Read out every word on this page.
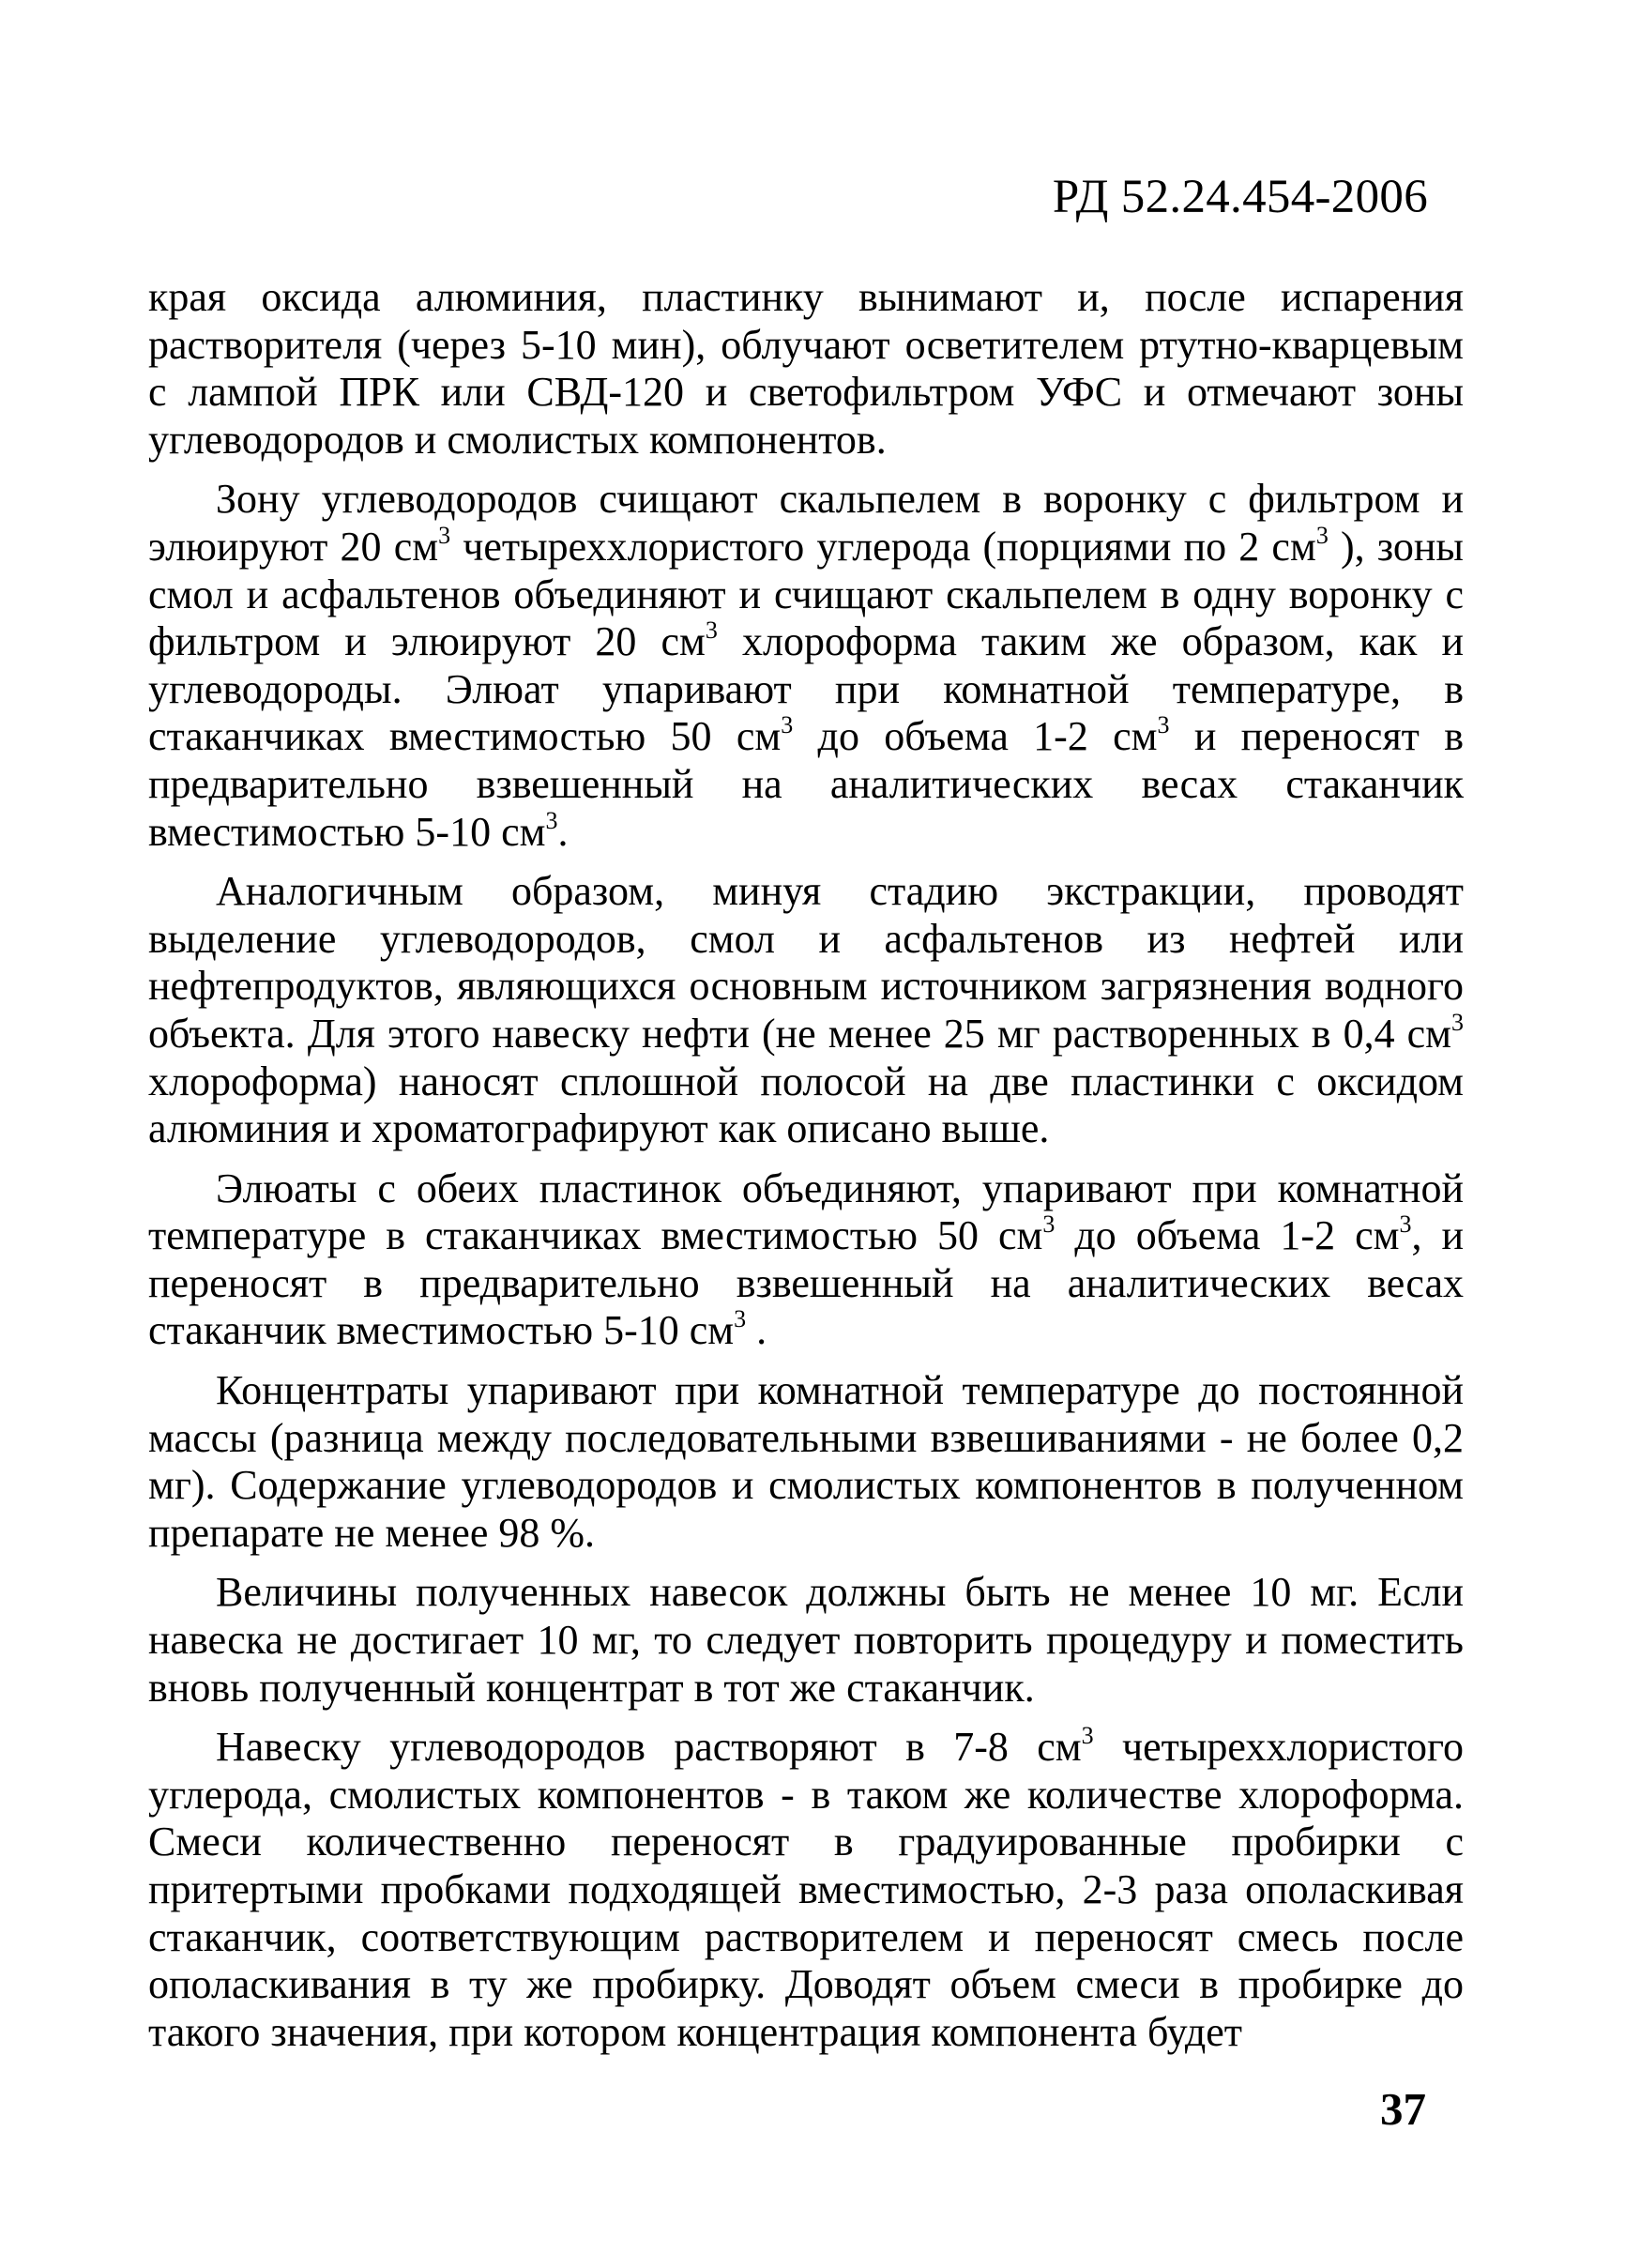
РД 52.24.454-2006

края оксида алюминия, пластинку вынимают и, после испарения растворителя (через 5-10 мин), облучают осветителем ртутно-кварцевым с лампой ПРК или СВД-120 и светофильтром УФС и отмечают зоны углеводородов и смолистых компонентов.

Зону углеводородов счищают скальпелем в воронку с фильтром и элюируют 20 $см^3$ четыреххлористого углерода (порциями по 2 $см^3$ ), зоны смол и асфальтенов объединяют и счищают скальпелем в одну воронку с фильтром и элюируют 20 $см^3$ хлороформа таким же образом, как и углеводороды. Элюат упаривают при комнатной температуре, в стаканчиках вместимостью 50 $см^3$ до объема 1-2 $см^3$ и переносят в предварительно взвешенный на аналитических весах стаканчик вместимостью 5-10 $см^3$.

Аналогичным образом, минуя стадию экстракции, проводят выделение углеводородов, смол и асфальтенов из нефтей или нефтепродуктов, являющихся основным источником загрязнения водного объекта. Для этого навеску нефти (не менее 25 мг растворенных в 0,4 $см^3$ хлороформа) наносят сплошной полосой на две пластинки с оксидом алюминия и хроматографируют как описано выше.

Элюаты с обеих пластинок объединяют, упаривают при комнатной температуре в стаканчиках вместимостью 50 $см^3$ до объема 1-2 $см^3$, и переносят в предварительно взвешенный на аналитических весах стаканчик вместимостью 5-10 $см^3$ .

Концентраты упаривают при комнатной температуре до постоянной массы (разница между последовательными взвешиваниями - не более 0,2 мг). Содержание углеводородов и смолистых компонентов в полученном препарате не менее 98 %.

Величины полученных навесок должны быть не менее 10 мг. Если навеска не достигает 10 мг, то следует повторить процедуру и поместить вновь полученный концентрат в тот же стаканчик.

Навеску углеводородов растворяют в 7-8 $см^3$ четыреххлористого углерода, смолистых компонентов - в таком же количестве хлороформа. Смеси количественно переносят в градуированные пробирки с притертыми пробками подходящей вместимостью, 2-3 раза ополаскивая стаканчик, соответствующим растворителем и переносят смесь после ополаскивания в ту же пробирку. Доводят объем смеси в пробирке до такого значения, при котором концентрация компонента будет

37
